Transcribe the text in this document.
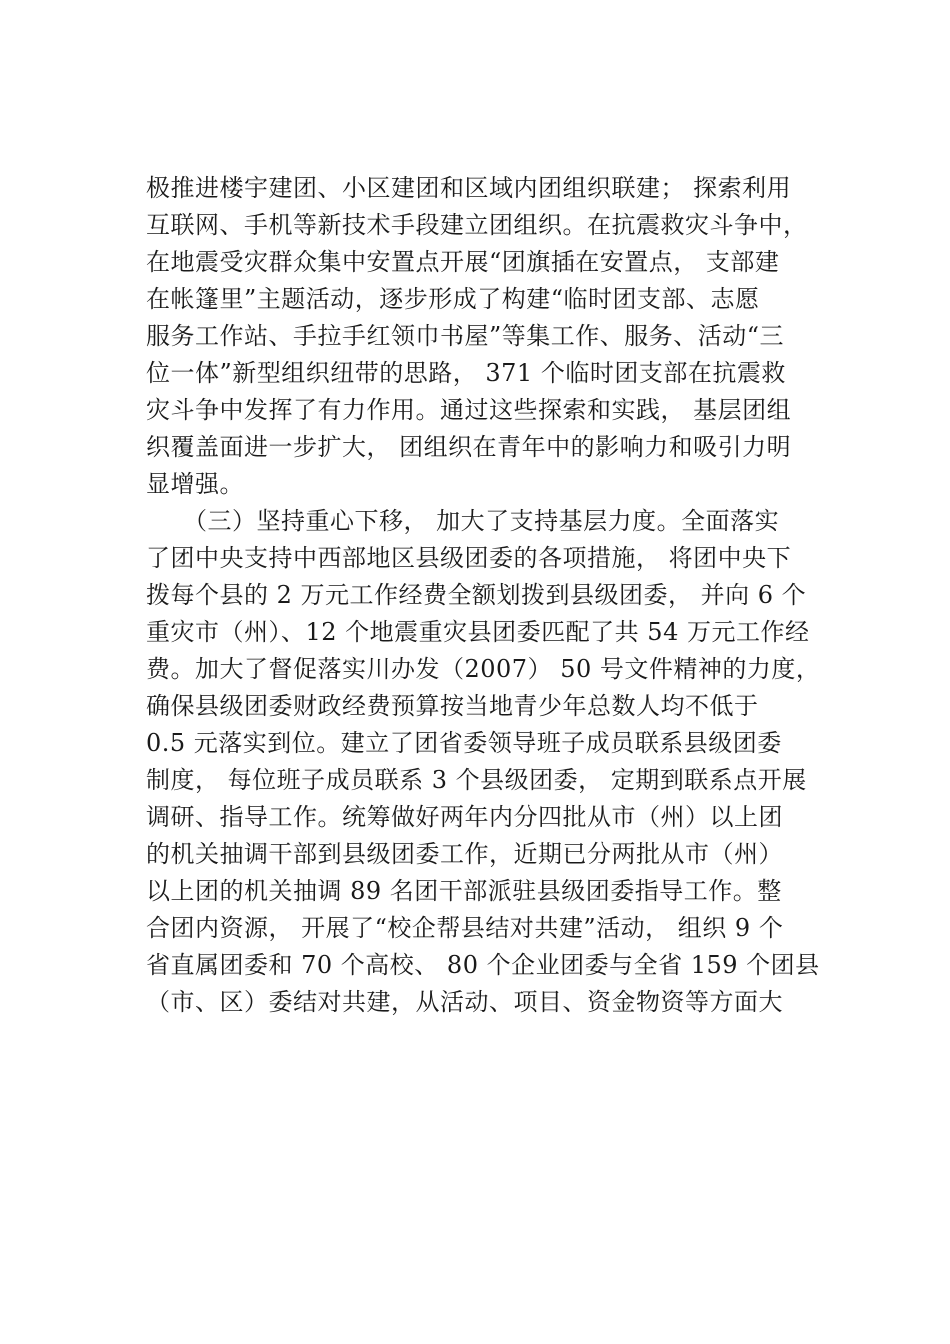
极推进楼宇建团、小区建团和区域内团组织联建； 探索利用
互联网、手机等新技术手段建立团组织。在抗震救灾斗争中，
在地震受灾群众集中安置点开展“团旗插在安置点， 支部建
在帐篷里”主题活动，逐步形成了构建“临时团支部、志愿
服务工作站、手拉手红领巾书屋”等集工作、服务、活动“三
位一体”新型组织纽带的思路， 371 个临时团支部在抗震救
灾斗争中发挥了有力作用。通过这些探索和实践， 基层团组
织覆盖面进一步扩大， 团组织在青年中的影响力和吸引力明
显增强。
　　（三）坚持重心下移， 加大了支持基层力度。全面落实
了团中央支持中西部地区县级团委的各项措施， 将团中央下
拨每个县的 2 万元工作经费全额划拨到县级团委， 并向 6 个
重灾市（州）、12 个地震重灾县团委匹配了共 54 万元工作经
费。加大了督促落实川办发（2007） 50 号文件精神的力度，
确保县级团委财政经费预算按当地青少年总数人均不低于
0.5 元落实到位。建立了团省委领导班子成员联系县级团委
制度， 每位班子成员联系 3 个县级团委， 定期到联系点开展
调研、指导工作。统筹做好两年内分四批从市（州）以上团
的机关抽调干部到县级团委工作，近期已分两批从市（州）
以上团的机关抽调 89 名团干部派驻县级团委指导工作。整
合团内资源， 开展了“校企帮县结对共建”活动， 组织 9 个
省直属团委和 70 个高校、 80 个企业团委与全省 159 个团县
（市、区）委结对共建，从活动、项目、资金物资等方面大
